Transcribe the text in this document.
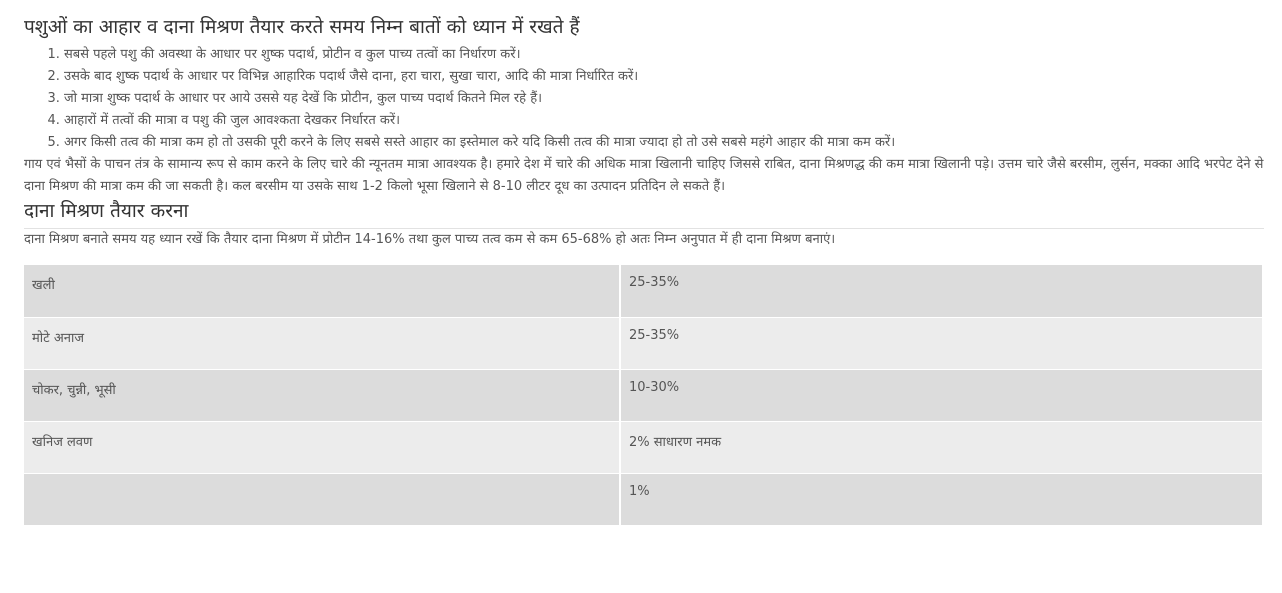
पशुओं का आहार व दाना मिश्रण तैयार करते समय निम्न बातों को ध्यान में रखते हैं
1. सबसे पहले पशु की अवस्था के आधार पर शुष्क पदार्थ, प्रोटीन व कुल पाच्य तत्वों का निर्धारण करें।
2. उसके बाद शुष्क पदार्थ के आधार पर विभिन्न आहारिक पदार्थ जैसे दाना, हरा चारा, सुखा चारा, आदि की मात्रा निर्धारित करें।
3. जो मात्रा शुष्क पदार्थ के आधार पर आये उससे यह देखें कि प्रोटीन, कुल पाच्य पदार्थ कितने मिल रहे हैं।
4. आहारों में तत्वों की मात्रा व पशु की जुल आवश्कता देखकर निर्धारत करें।
5. अगर किसी तत्व की मात्रा कम हो तो उसकी पूरी करने के लिए सबसे सस्ते आहार का इस्तेमाल करे यदि किसी तत्व की मात्रा ज्यादा हो तो उसे सबसे महंगे आहार की मात्रा कम करें।

गाय एवं भैसों के पाचन तंत्र के सामान्य रूप से काम करने के लिए चारे की न्यूनतम मात्रा आवश्यक है। हमारे देश में चारे की अधिक मात्रा खिलानी चाहिए जिससे राबित, दाना मिश्रणद्ध की कम मात्रा खिलानी पड़े। उत्तम चारे जैसे बरसीम, लुर्सन, मक्का आदि भरपेट देने से दाना मिश्रण की मात्रा कम की जा सकती है। कल बरसीम या उसके साथ 1-2 किलो भूसा खिलाने से 8-10 लीटर दूध का उत्पादन प्रतिदिन ले सकते हैं।

दाना मिश्रण तैयार करना

दाना मिश्रण बनाते समय यह ध्यान रखें कि तैयार दाना मिश्रण में प्रोटीन 14-16% तथा कुल पाच्य तत्व कम से कम 65-68% हो अतः निम्न अनुपात में ही दाना मिश्रण बनाएं।

खली	25-35%
मोटे अनाज	25-35%
चोकर, चुन्नी, भूसी	10-30%
खनिज लवण	2% साधारण नमक
	1%
